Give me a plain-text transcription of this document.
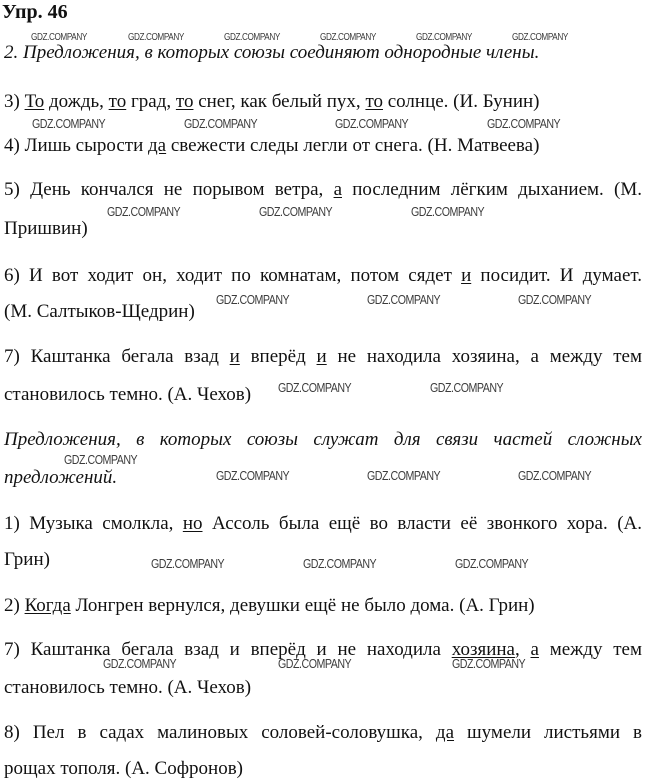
Упр. 46
2. Предложения, в которых союзы соединяют однородные члены.
3) То дождь, то град, то снег, как белый пух, то солнце. (И. Бунин)
4) Лишь сырости да свежести следы легли от снега. (Н. Матвеева)
5) День кончался не порывом ветра, а последним лёгким дыханием. (М.
Пришвин)
6) И вот ходит он, ходит по комнатам, потом сядет и посидит. И думает.
(М. Салтыков-Щедрин)
7) Каштанка бегала взад и вперёд и не находила хозяина, а между тем
становилось темно. (А. Чехов)
Предложения, в которых союзы служат для связи частей сложных
предложений.
1) Музыка смолкла, но Ассоль была ещё во власти её звонкого хора. (А.
Грин)
2) Когда Лонгрен вернулся, девушки ещё не было дома. (А. Грин)
7) Каштанка бегала взад и вперёд и не находила хозяина, а между тем
становилось темно. (А. Чехов)
8) Пел в садах малиновых соловей-соловушка, да шумели листьями в
рощах тополя. (А. Софронов)
GDZ.COMPANY	GDZ.COMPANY	GDZ.COMPANY	GDZ.COMPANY	GDZ.COMPANY	GDZ.COMPANY
GDZ.COMPANY	GDZ.COMPANY	GDZ.COMPANY	GDZ.COMPANY
GDZ.COMPANY	GDZ.COMPANY	GDZ.COMPANY
GDZ.COMPANY	GDZ.COMPANY	GDZ.COMPANY
GDZ.COMPANY	GDZ.COMPANY
GDZ.COMPANY
GDZ.COMPANY	GDZ.COMPANY	GDZ.COMPANY
GDZ.COMPANY	GDZ.COMPANY	GDZ.COMPANY
GDZ.COMPANY	GDZ.COMPANY	GDZ.COMPANY
